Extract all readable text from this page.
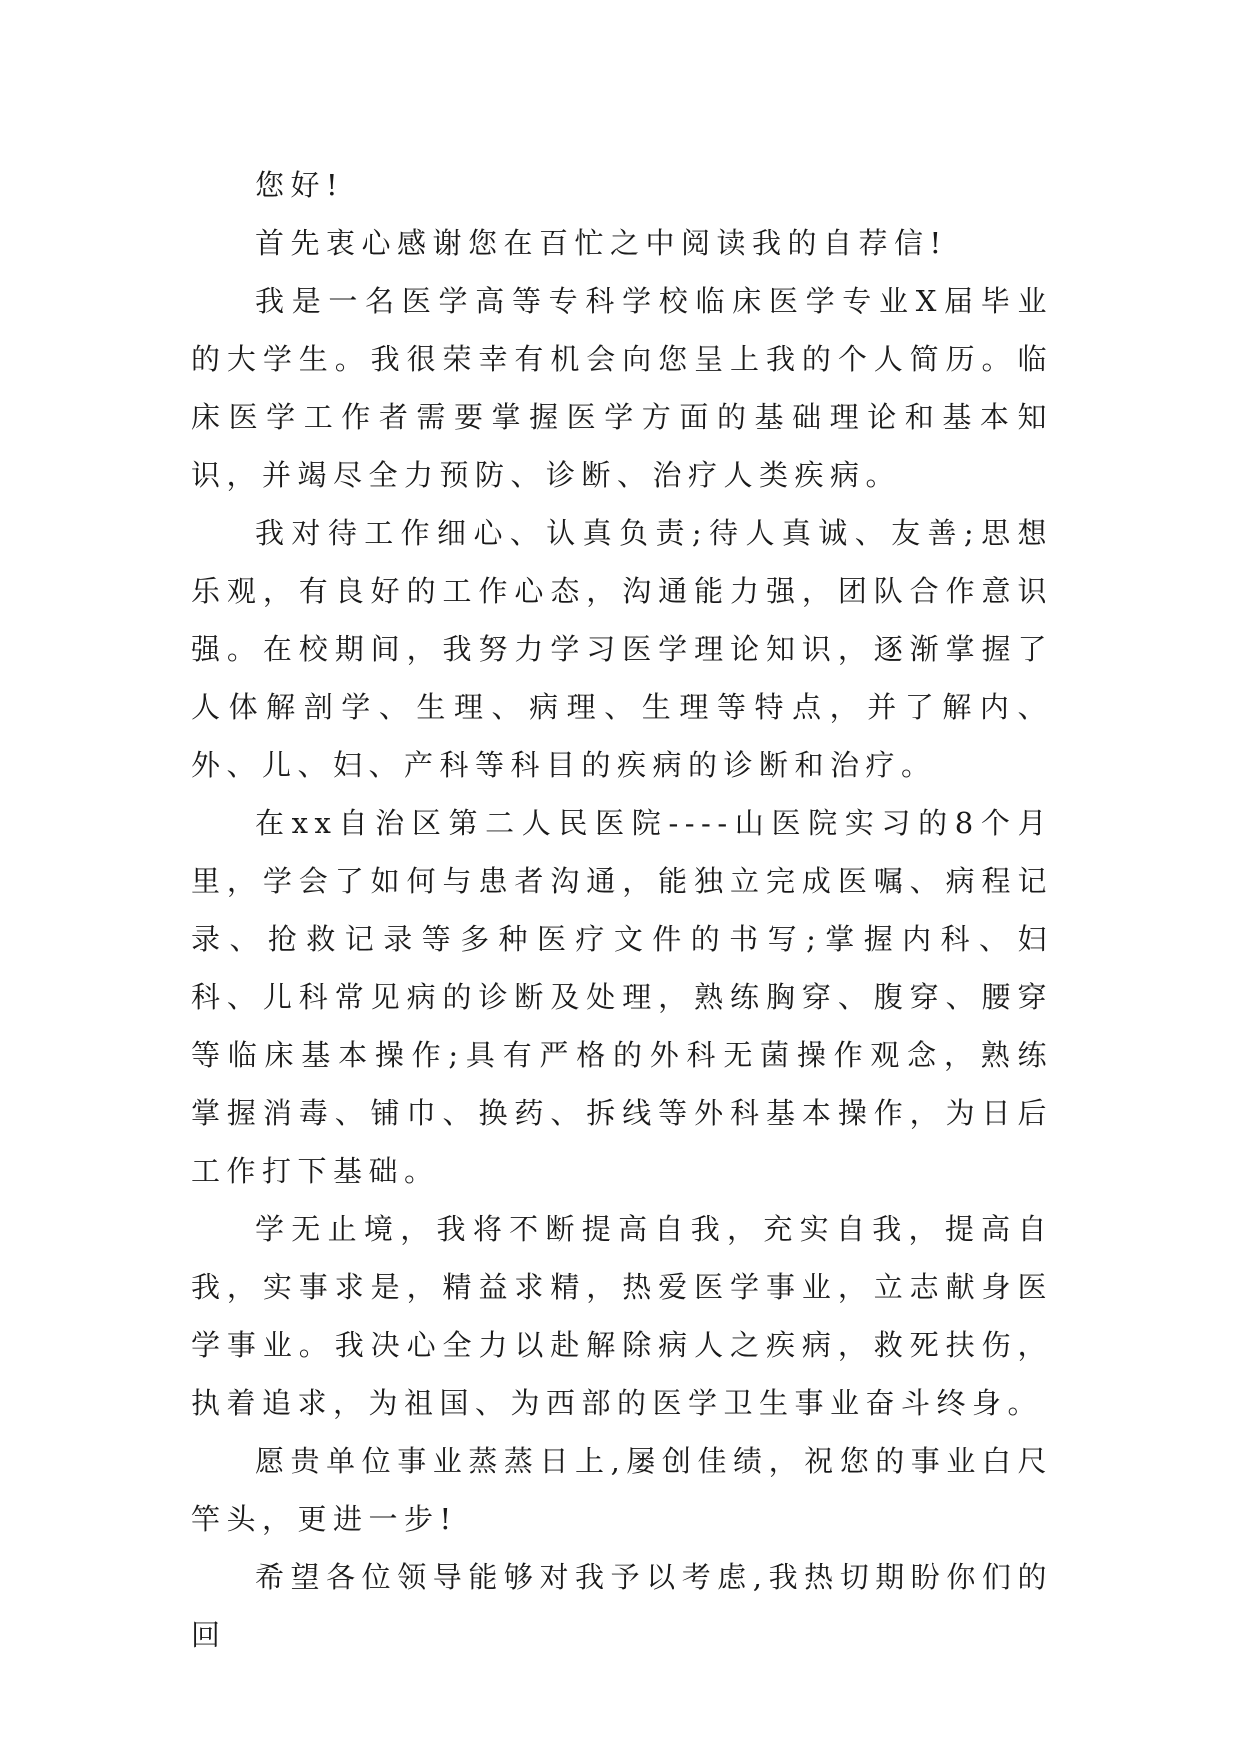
您好!

首先衷心感谢您在百忙之中阅读我的自荐信!

我是一名医学高等专科学校临床医学专业X届毕业的大学生。我很荣幸有机会向您呈上我的个人简历。临床医学工作者需要掌握医学方面的基础理论和基本知识，并竭尽全力预防、诊断、治疗人类疾病。

我对待工作细心、认真负责;待人真诚、友善;思想乐观，有良好的工作心态，沟通能力强，团队合作意识强。在校期间，我努力学习医学理论知识，逐渐掌握了人体解剖学、生理、病理、生理等特点，并了解内、外、儿、妇、产科等科目的疾病的诊断和治疗。

在xx自治区第二人民医院----山医院实习的8个月里，学会了如何与患者沟通，能独立完成医嘱、病程记录、抢救记录等多种医疗文件的书写;掌握内科、妇科、儿科常见病的诊断及处理，熟练胸穿、腹穿、腰穿等临床基本操作;具有严格的外科无菌操作观念，熟练掌握消毒、铺巾、换药、拆线等外科基本操作，为日后工作打下基础。

学无止境，我将不断提高自我，充实自我，提高自我，实事求是，精益求精，热爱医学事业，立志献身医学事业。我决心全力以赴解除病人之疾病，救死扶伤，执着追求，为祖国、为西部的医学卫生事业奋斗终身。

愿贵单位事业蒸蒸日上,屡创佳绩，祝您的事业白尺竿头，更进一步!

希望各位领导能够对我予以考虑,我热切期盼你们的回
